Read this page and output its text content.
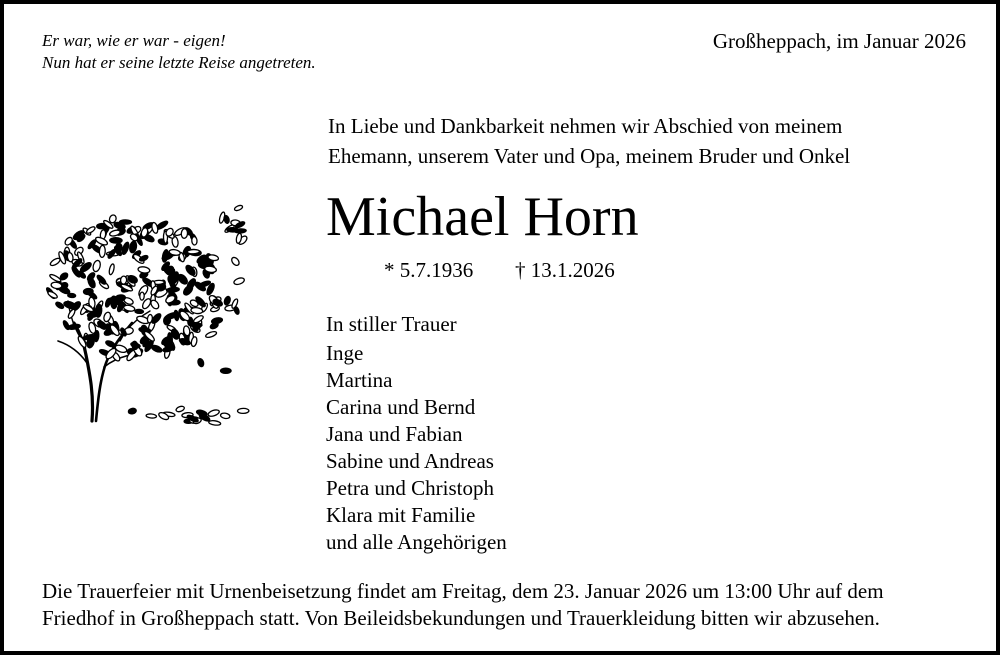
Er war, wie er war - eigen!
Nun hat er seine letzte Reise angetreten.
Großheppach, im Januar 2026
In Liebe und Dankbarkeit nehmen wir Abschied von meinem
Ehemann, unserem Vater und Opa, meinem Bruder und Onkel
Michael Horn
* 5.7.1936 † 13.1.2026
In stiller Trauer
Inge
Martina
Carina und Bernd
Jana und Fabian
Sabine und Andreas
Petra und Christoph
Klara mit Familie
und alle Angehörigen
Die Trauerfeier mit Urnenbeisetzung findet am Freitag, dem 23. Januar 2026 um 13:00 Uhr auf dem
Friedhof in Großheppach statt. Von Beileidsbekundungen und Trauerkleidung bitten wir abzusehen.
